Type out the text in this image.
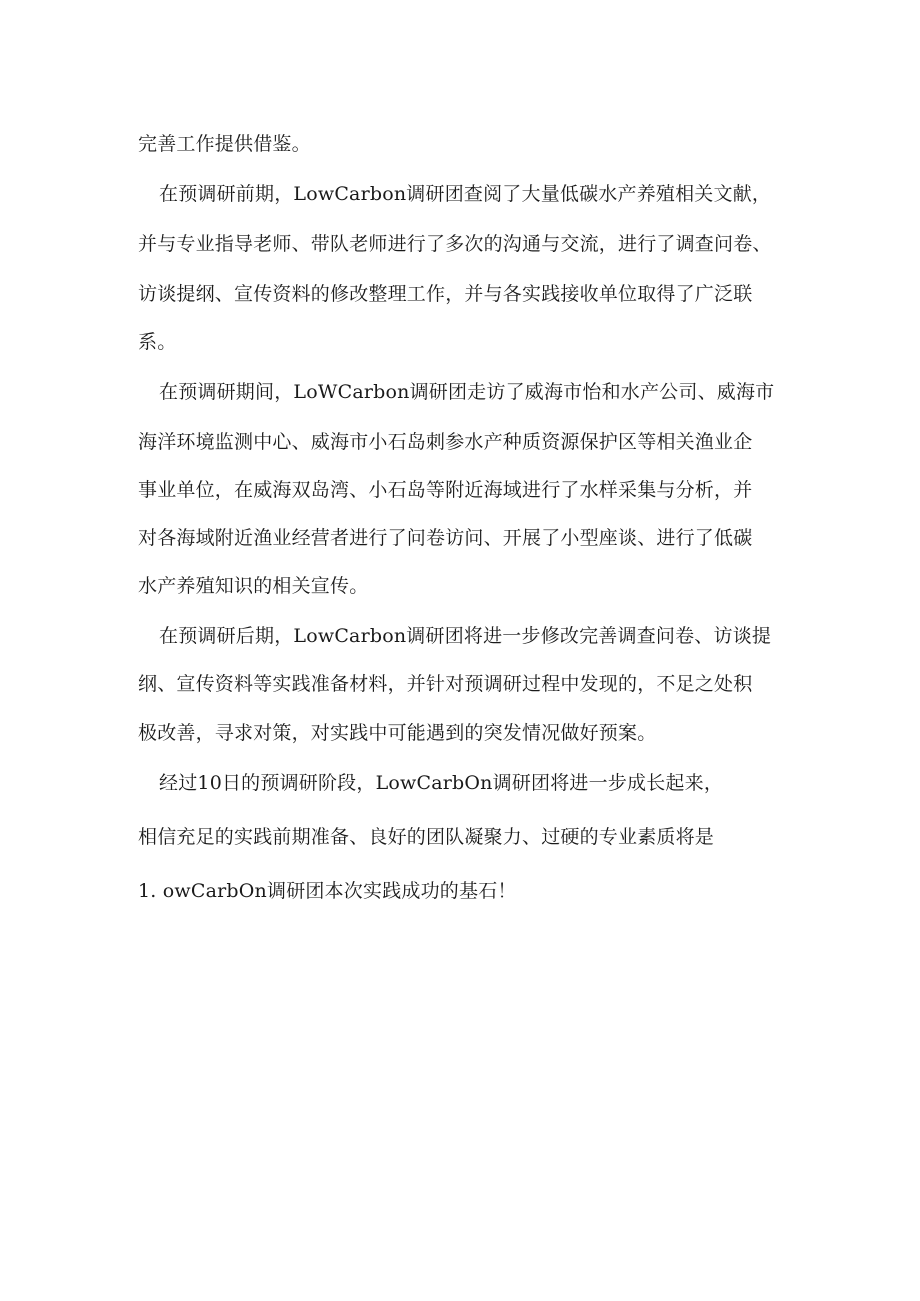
完善工作提供借鉴。
在预调研前期，LowCarbon调研团查阅了大量低碳水产养殖相关文献，
并与专业指导老师、带队老师进行了多次的沟通与交流，进行了调查问卷、
访谈提纲、宣传资料的修改整理工作，并与各实践接收单位取得了广泛联
系。
在预调研期间，LoWCarbon调研团走访了威海市怡和水产公司、威海市
海洋环境监测中心、威海市小石岛刺参水产种质资源保护区等相关渔业企
事业单位，在威海双岛湾、小石岛等附近海域进行了水样采集与分析，并
对各海域附近渔业经营者进行了问卷访问、开展了小型座谈、进行了低碳
水产养殖知识的相关宣传。
在预调研后期，LowCarbon调研团将进一步修改完善调查问卷、访谈提
纲、宣传资料等实践准备材料，并针对预调研过程中发现的，不足之处积
极改善，寻求对策，对实践中可能遇到的突发情况做好预案。
经过10日的预调研阶段，LowCarbOn调研团将进一步成长起来，
相信充足的实践前期准备、良好的团队凝聚力、过硬的专业素质将是
1. owCarbOn调研团本次实践成功的基石！
